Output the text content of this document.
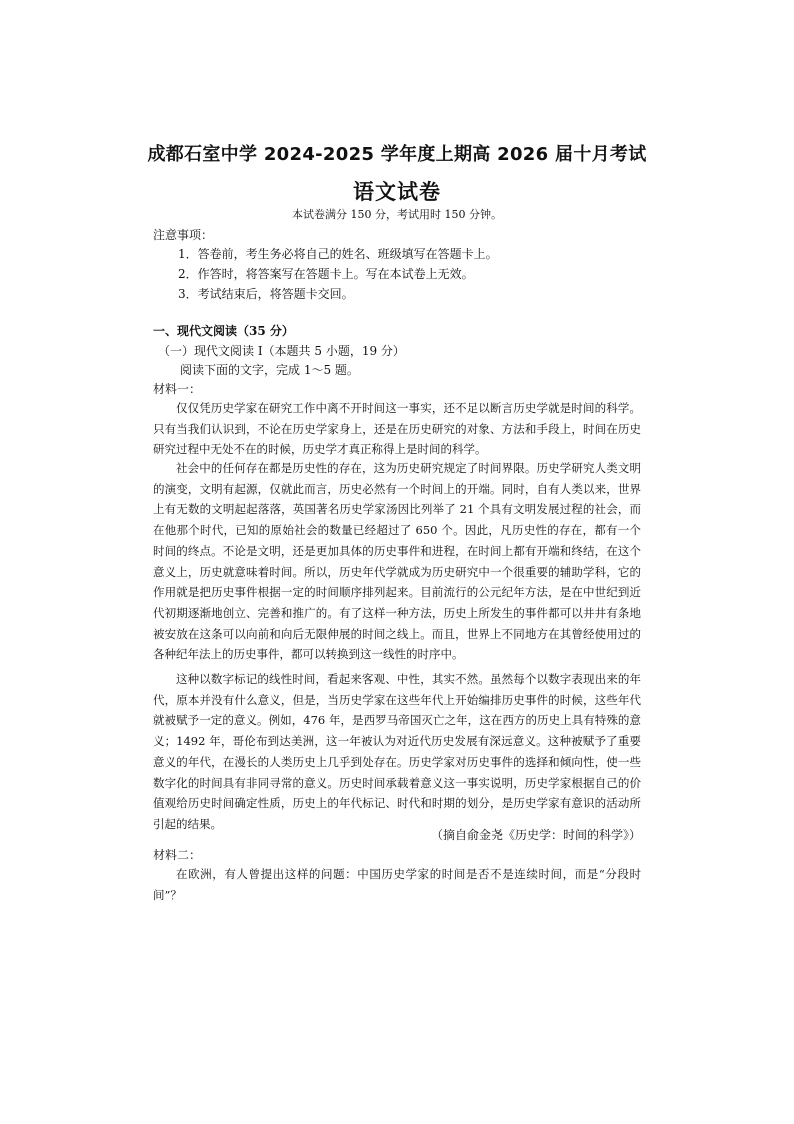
成都石室中学 2024-2025 学年度上期高 2026 届十月考试
语文试卷
本试卷满分 150 分，考试用时 150 分钟。
注意事项：
1．答卷前，考生务必将自己的姓名、班级填写在答题卡上。
2．作答时，将答案写在答题卡上。写在本试卷上无效。
3．考试结束后，将答题卡交回。
一、现代文阅读（35 分）
（一）现代文阅读 I（本题共 5 小题，19 分）
阅读下面的文字，完成 1～5 题。
材料一：

仅仅凭历史学家在研究工作中离不开时间这一事实，还不足以断言历史学就是时间的科学。只有当我们认识到，不论在历史学家身上，还是在历史研究的对象、方法和手段上，时间在历史研究过程中无处不在的时候，历史学才真正称得上是时间的科学。

社会中的任何存在都是历史性的存在，这为历史研究规定了时间界限。历史学研究人类文明的演变，文明有起源，仅就此而言，历史必然有一个时间上的开端。同时，自有人类以来，世界上有无数的文明起起落落，英国著名历史学家汤因比列举了 21 个具有文明发展过程的社会，而在他那个时代，已知的原始社会的数量已经超过了 650 个。因此，凡历史性的存在，都有一个时间的终点。不论是文明，还是更加具体的历史事件和进程，在时间上都有开端和终结，在这个意义上，历史就意味着时间。所以，历史年代学就成为历史研究中一个很重要的辅助学科，它的作用就是把历史事件根据一定的时间顺序排列起来。目前流行的公元纪年方法，是在中世纪到近代初期逐渐地创立、完善和推广的。有了这样一种方法，历史上所发生的事件都可以井井有条地被安放在这条可以向前和向后无限伸展的时间之线上。而且，世界上不同地方在其曾经使用过的各种纪年法上的历史事件，都可以转换到这一线性的时序中。

这种以数字标记的线性时间，看起来客观、中性，其实不然。虽然每个以数字表现出来的年代，原本并没有什么意义，但是，当历史学家在这些年代上开始编排历史事件的时候，这些年代就被赋予一定的意义。例如，476 年，是西罗马帝国灭亡之年，这在西方的历史上具有特殊的意义；1492 年，哥伦布到达美洲，这一年被认为对近代历史发展有深远意义。这种被赋予了重要意义的年代，在漫长的人类历史上几乎到处存在。历史学家对历史事件的选择和倾向性，使一些数字化的时间具有非同寻常的意义。历史时间承载着意义这一事实说明，历史学家根据自己的价值观给历史时间确定性质，历史上的年代标记、时代和时期的划分，是历史学家有意识的活动所引起的结果。

（摘自俞金尧《历史学：时间的科学》）
材料二：

在欧洲，有人曾提出这样的问题：中国历史学家的时间是否不是连续时间，而是“分段时间”？
